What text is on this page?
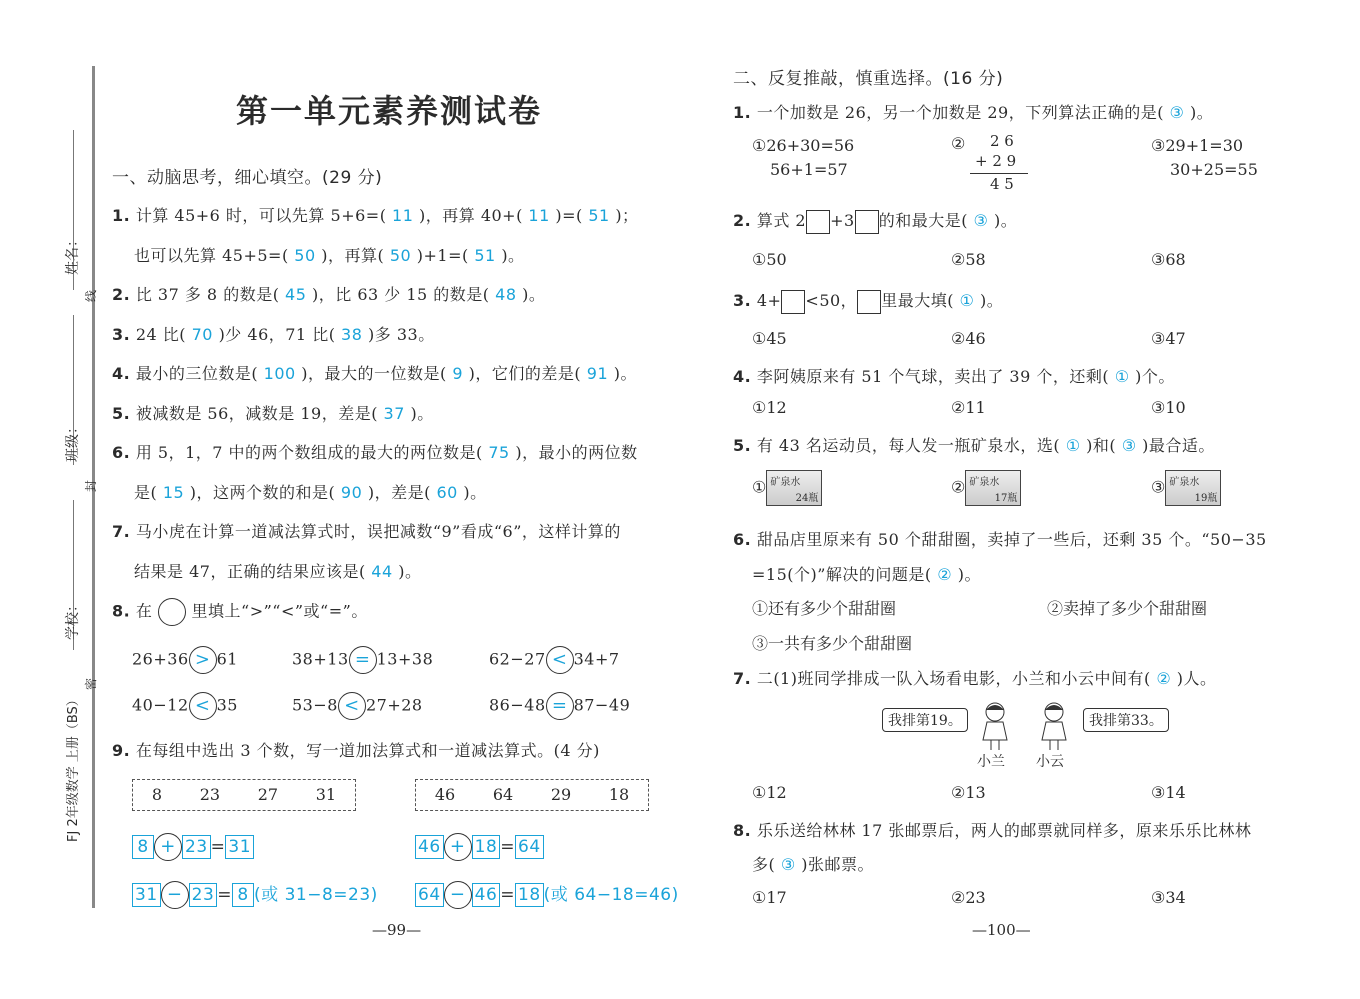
姓名：
线
班级：
封
学校：
密
FJ 2年级数学 上册（BS）
第一单元素养测试卷
一、动脑思考，细心填空。(29 分)
1. 计算 45+6 时，可以先算 5+6=( 11 )，再算 40+( 11 )=( 51 )；
也可以先算 45+5=( 50 )，再算( 50 )+1=( 51 )。
2. 比 37 多 8 的数是( 45 )，比 63 少 15 的数是( 48 )。
3. 24 比( 70 )少 46，71 比( 38 )多 33。
4. 最小的三位数是( 100 )，最大的一位数是( 9 )，它们的差是( 91 )。
5. 被减数是 56，减数是 19，差是( 37 )。
6. 用 5，1，7 中的两个数组成的最大的两位数是( 75 )，最小的两位数
是( 15 )，这两个数的和是( 90 )，差是( 60 )。
7. 马小虎在计算一道减法算式时，误把减数“9”看成“6”，这样计算的
结果是 47，正确的结果应该是( 44 )。
8. 在 里填上“>”“<”或“=”。
26+36 > 61	38+13 = 13+38	62−27 < 34+7
40−12 < 35	53−8 < 27+28	86−48 = 87−49
9. 在每组中选出 3 个数，写一道加法算式和一道减法算式。(4 分)
8 23 27 31	46 64 29 18
8 + 23 = 31	46 + 18 = 64
31 − 23 = 8 (或 31−8=23) 64 − 46 = 18 (或 64−18=46)
—99—
二、反复推敲，慎重选择。(16 分)
1. 一个加数是 26，另一个加数是 29，下列算法正确的是( ③ )。
①26+30=56
56+1=57
② 2 6
+ 2 9
4 5
③29+1=30
30+25=55
2. 算式 2 +3 的和最大是( ③ )。
①50	②58	③68
3. 4+ <50， 里最大填( ① )。
①45	②46	③47
4. 李阿姨原来有 51 个气球，卖出了 39 个，还剩( ① )个。
①12	②11	③10
5. 有 43 名运动员，每人发一瓶矿泉水，选( ① )和( ③ )最合适。
① 矿泉水
24瓶
② 矿泉水
17瓶
③ 矿泉水
19瓶
6. 甜品店里原来有 50 个甜甜圈，卖掉了一些后，还剩 35 个。“50−35
=15(个)”解决的问题是( ② )。
①还有多少个甜甜圈	②卖掉了多少个甜甜圈
③一共有多少个甜甜圈
7. 二(1)班同学排成一队入场看电影，小兰和小云中间有( ② )人。
我排第19。	我排第33。
小兰 小云
①12	②13	③14
8. 乐乐送给林林 17 张邮票后，两人的邮票就同样多，原来乐乐比林林
多( ③ )张邮票。
①17	②23	③34
—100—
